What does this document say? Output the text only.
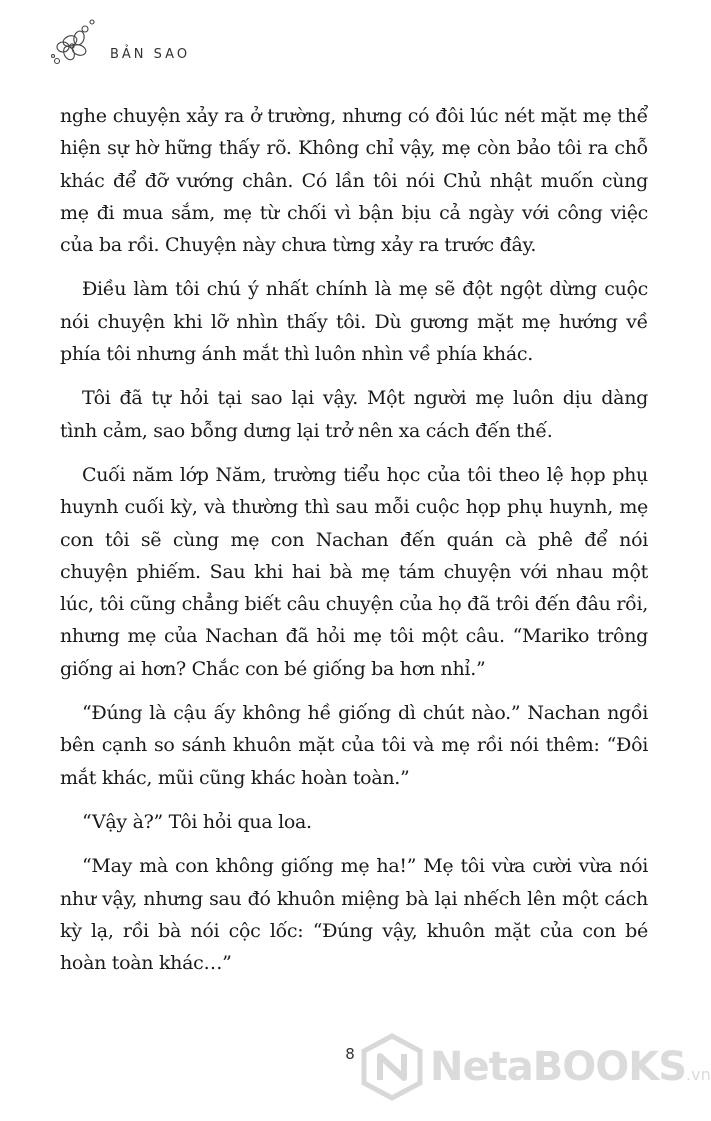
BẢN SAO

nghe chuyện xảy ra ở trường, nhưng có đôi lúc nét mặt mẹ thể hiện sự hờ hững thấy rõ. Không chỉ vậy, mẹ còn bảo tôi ra chỗ khác để đỡ vướng chân. Có lần tôi nói Chủ nhật muốn cùng mẹ đi mua sắm, mẹ từ chối vì bận bịu cả ngày với công việc của ba rồi. Chuyện này chưa từng xảy ra trước đây.

Điều làm tôi chú ý nhất chính là mẹ sẽ đột ngột dừng cuộc nói chuyện khi lỡ nhìn thấy tôi. Dù gương mặt mẹ hướng về phía tôi nhưng ánh mắt thì luôn nhìn về phía khác.

Tôi đã tự hỏi tại sao lại vậy. Một người mẹ luôn dịu dàng tình cảm, sao bỗng dưng lại trở nên xa cách đến thế.

Cuối năm lớp Năm, trường tiểu học của tôi theo lệ họp phụ huynh cuối kỳ, và thường thì sau mỗi cuộc họp phụ huynh, mẹ con tôi sẽ cùng mẹ con Nachan đến quán cà phê để nói chuyện phiếm. Sau khi hai bà mẹ tám chuyện với nhau một lúc, tôi cũng chẳng biết câu chuyện của họ đã trôi đến đâu rồi, nhưng mẹ của Nachan đã hỏi mẹ tôi một câu. “Mariko trông giống ai hơn? Chắc con bé giống ba hơn nhỉ.”

“Đúng là cậu ấy không hề giống dì chút nào.” Nachan ngồi bên cạnh so sánh khuôn mặt của tôi và mẹ rồi nói thêm: “Đôi mắt khác, mũi cũng khác hoàn toàn.”

“Vậy à?” Tôi hỏi qua loa.

“May mà con không giống mẹ ha!” Mẹ tôi vừa cười vừa nói như vậy, nhưng sau đó khuôn miệng bà lại nhếch lên một cách kỳ lạ, rồi bà nói cộc lốc: “Đúng vậy, khuôn mặt của con bé hoàn toàn khác…”

8	NetaBOOKS.vn
